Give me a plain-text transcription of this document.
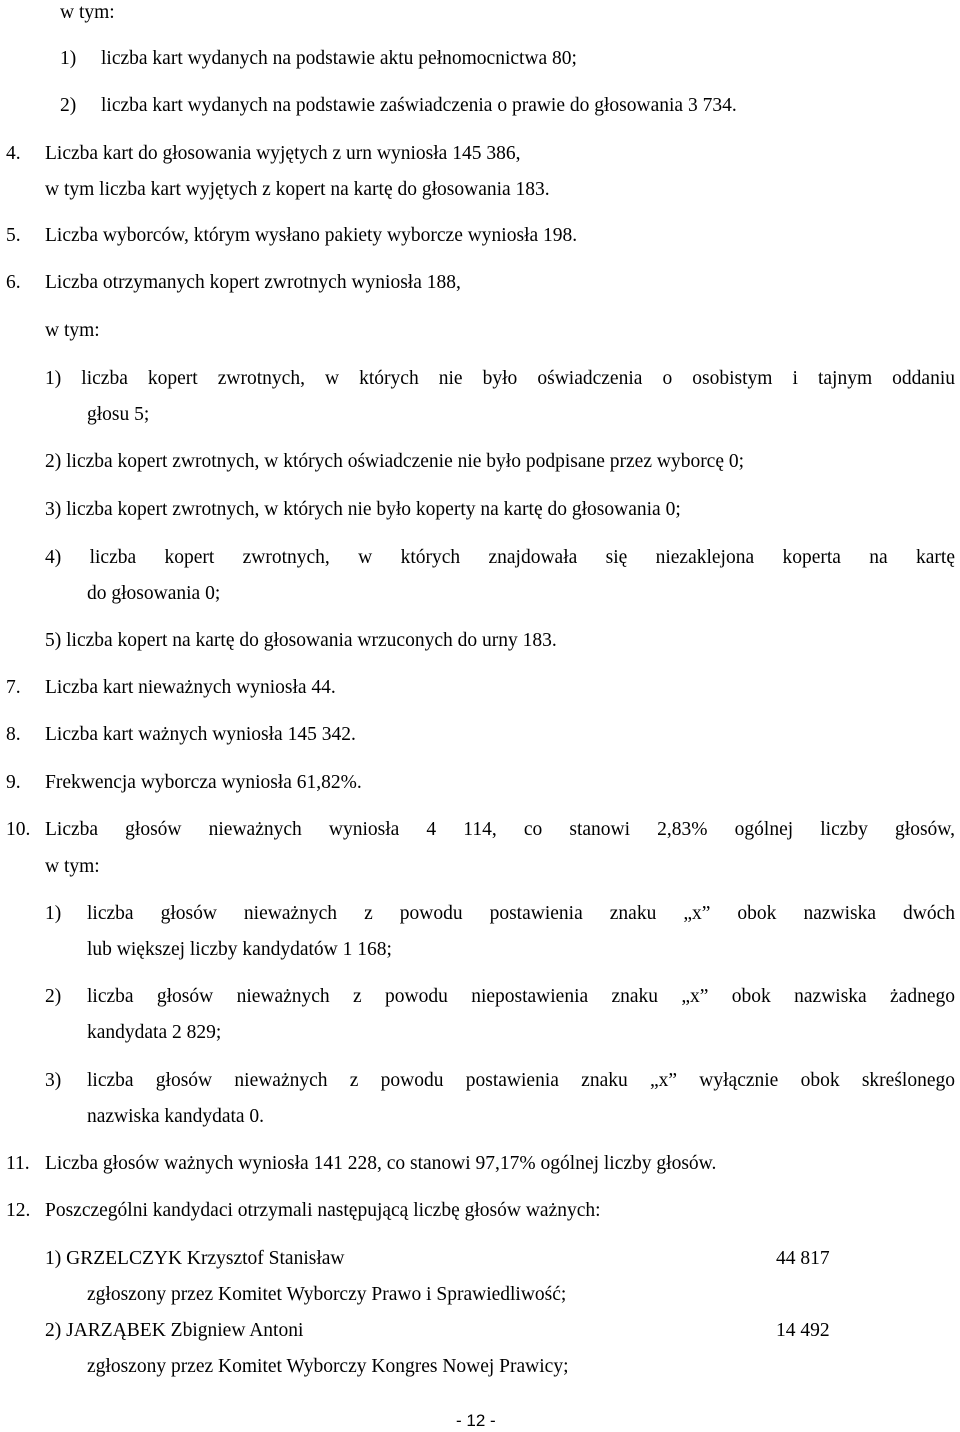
w tym:
1) liczba kart wydanych na podstawie aktu pełnomocnictwa 80;
2) liczba kart wydanych na podstawie zaświadczenia o prawie do głosowania 3 734.
4. Liczba kart do głosowania wyjętych z urn wyniosła 145 386,
w tym liczba kart wyjętych z kopert na kartę do głosowania 183.
5. Liczba wyborców, którym wysłano pakiety wyborcze wyniosła 198.
6. Liczba otrzymanych kopert zwrotnych wyniosła 188,
w tym:
1) liczba kopert zwrotnych, w których nie było oświadczenia o osobistym i tajnym oddaniu
głosu 5;
2) liczba kopert zwrotnych, w których oświadczenie nie było podpisane przez wyborcę 0;
3) liczba kopert zwrotnych, w których nie było koperty na kartę do głosowania 0;
4) liczba kopert zwrotnych, w których znajdowała się niezaklejona koperta na kartę
do głosowania 0;
5) liczba kopert na kartę do głosowania wrzuconych do urny 183.
7. Liczba kart nieważnych wyniosła 44.
8. Liczba kart ważnych wyniosła 145 342.
9. Frekwencja wyborcza wyniosła 61,82%.
10. Liczba głosów nieważnych wyniosła 4 114, co stanowi 2,83% ogólnej liczby głosów,
w tym:
1) liczba głosów nieważnych z powodu postawienia znaku „x” obok nazwiska dwóch
lub większej liczby kandydatów 1 168;
2) liczba głosów nieważnych z powodu niepostawienia znaku „x” obok nazwiska żadnego
kandydata 2 829;
3) liczba głosów nieważnych z powodu postawienia znaku „x” wyłącznie obok skreślonego
nazwiska kandydata 0.
11. Liczba głosów ważnych wyniosła 141 228, co stanowi 97,17% ogólnej liczby głosów.
12. Poszczególni kandydaci otrzymali następującą liczbę głosów ważnych:
1) GRZELCZYK Krzysztof Stanisław	44 817
zgłoszony przez Komitet Wyborczy Prawo i Sprawiedliwość;
2) JARZĄBEK Zbigniew Antoni	14 492
zgłoszony przez Komitet Wyborczy Kongres Nowej Prawicy;
- 12 -
